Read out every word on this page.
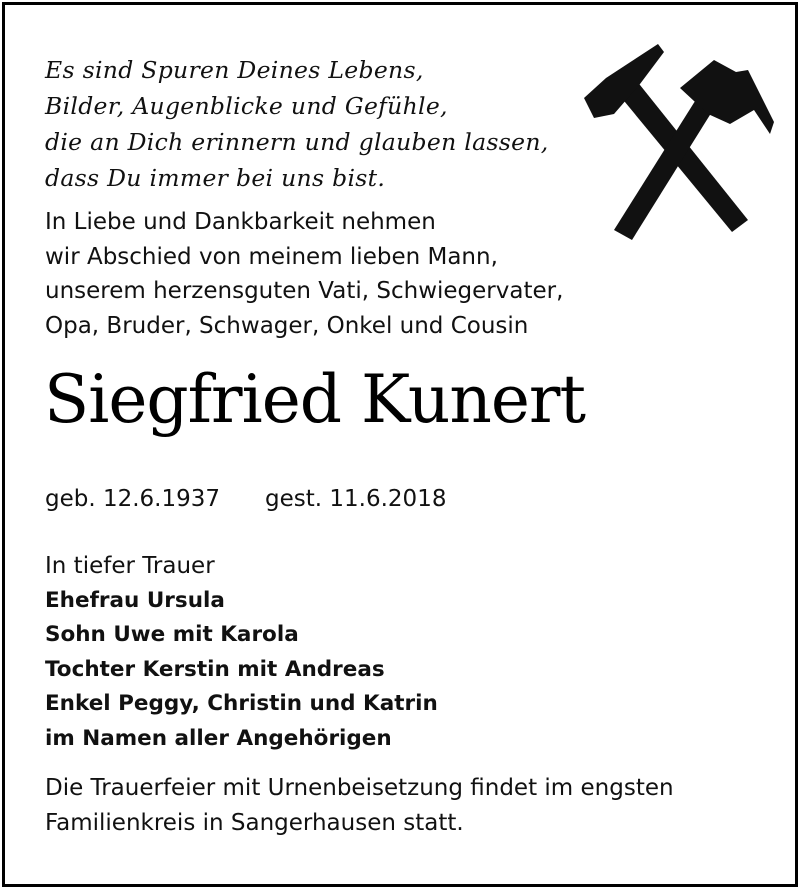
Es sind Spuren Deines Lebens,
Bilder, Augenblicke und Gefühle,
die an Dich erinnern und glauben lassen,
dass Du immer bei uns bist.
In Liebe und Dankbarkeit nehmen
wir Abschied von meinem lieben Mann,
unserem herzensguten Vati, Schwiegervater,
Opa, Bruder, Schwager, Onkel und Cousin
Siegfried Kunert
geb. 12.6.1937 gest. 11.6.2018
In tiefer Trauer
Ehefrau Ursula
Sohn Uwe mit Karola
Tochter Kerstin mit Andreas
Enkel Peggy, Christin und Katrin
im Namen aller Angehörigen
Die Trauerfeier mit Urnenbeisetzung findet im engsten
Familienkreis in Sangerhausen statt.
